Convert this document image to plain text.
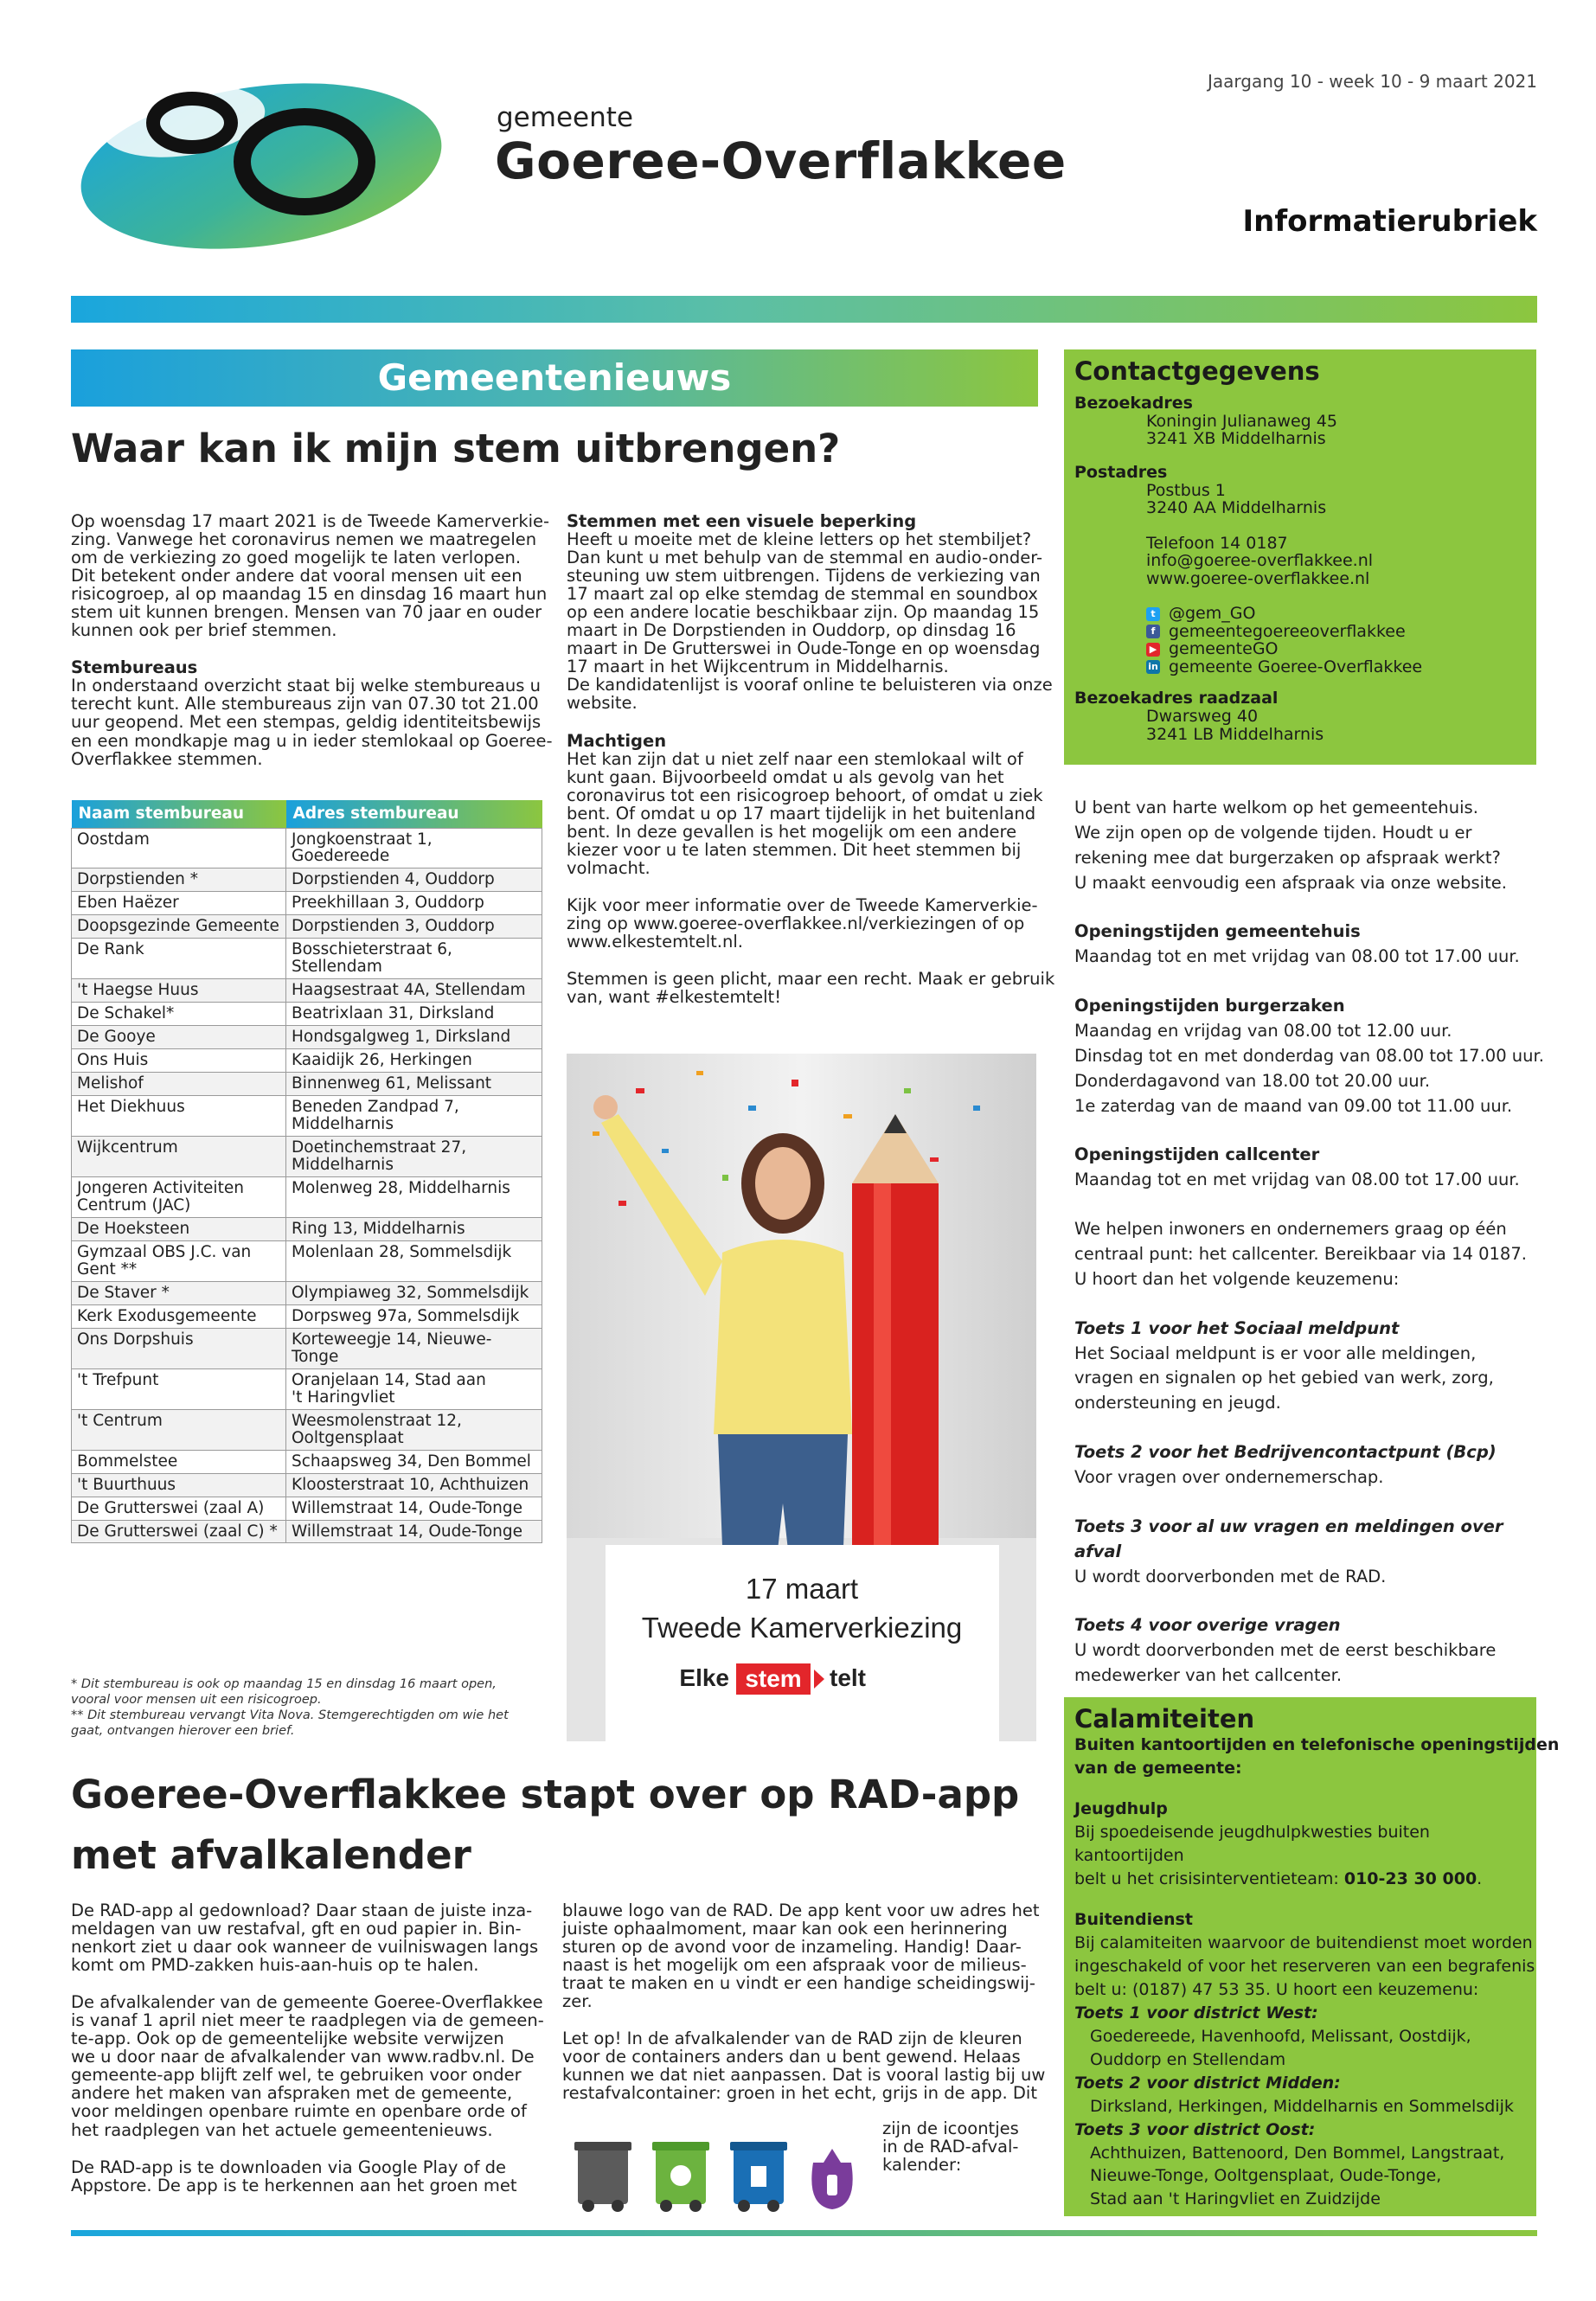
gemeente
Goeree-Overflakkee
Jaargang 10 - week 10 - 9 maart 2021
Informatierubriek
Gemeentenieuws
Waar kan ik mijn stem uitbrengen?

Op woensdag 17 maart 2021 is de Tweede Kamerverkie-
zing. Vanwege het coronavirus nemen we maatregelen
om de verkiezing zo goed mogelijk te laten verlopen.
Dit betekent onder andere dat vooral mensen uit een
risicogroep, al op maandag 15 en dinsdag 16 maart hun
stem uit kunnen brengen. Mensen van 70 jaar en ouder
kunnen ook per brief stemmen.

Stembureaus

In onderstaand overzicht staat bij welke stembureaus u
terecht kunt. Alle stembureaus zijn van 07.30 tot 21.00
uur geopend. Met een stempas, geldig identiteitsbewijs
en een mondkapje mag u in ieder stemlokaal op Goeree-
Overflakkee stemmen.

Naam stembureau	Adres stembureau
Oostdam	Jongkoenstraat 1,
Goedereede
Dorpstienden *	Dorpstienden 4, Ouddorp
Eben Haëzer	Preekhillaan 3, Ouddorp
Doopsgezinde Gemeente	Dorpstienden 3, Ouddorp
De Rank	Bosschieterstraat 6,
Stellendam
't Haegse Huus	Haagsestraat 4A, Stellendam
De Schakel*	Beatrixlaan 31, Dirksland
De Gooye	Hondsgalgweg 1, Dirksland
Ons Huis	Kaaidijk 26, Herkingen
Melishof	Binnenweg 61, Melissant
Het Diekhuus	Beneden Zandpad 7,
Middelharnis
Wijkcentrum	Doetinchemstraat 27,
Middelharnis
Jongeren Activiteiten
Centrum (JAC)	Molenweg 28, Middelharnis
De Hoeksteen	Ring 13, Middelharnis
Gymzaal OBS J.C. van
Gent **	Molenlaan 28, Sommelsdijk
De Staver *	Olympiaweg 32, Sommelsdijk
Kerk Exodusgemeente	Dorpsweg 97a, Sommelsdijk
Ons Dorpshuis	Korteweegje 14, Nieuwe-Tonge
't Trefpunt	Oranjelaan 14, Stad aan
't Haringvliet
't Centrum	Weesmolenstraat 12,
Ooltgensplaat
Bommelstee	Schaapsweg 34, Den Bommel
't Buurthuus	Kloosterstraat 10, Achthuizen
De Grutterswei (zaal A)	Willemstraat 14, Oude-Tonge
De Grutterswei (zaal C) *	Willemstraat 14, Oude-Tonge
* Dit stembureau is ook op maandag 15 en dinsdag 16 maart open,
vooral voor mensen uit een risicogroep.
** Dit stembureau vervangt Vita Nova. Stemgerechtigden om wie het
gaat, ontvangen hierover een brief.
Stemmen met een visuele beperking

Heeft u moeite met de kleine letters op het stembiljet?
Dan kunt u met behulp van de stemmal en audio-onder-
steuning uw stem uitbrengen. Tijdens de verkiezing van
17 maart zal op elke stemdag de stemmal en soundbox
op een andere locatie beschikbaar zijn. Op maandag 15
maart in De Dorpstienden in Ouddorp, op dinsdag 16
maart in De Grutterswei in Oude-Tonge en op woensdag
17 maart in het Wijkcentrum in Middelharnis.
De kandidatenlijst is vooraf online te beluisteren via onze
website.

Machtigen

Het kan zijn dat u niet zelf naar een stemlokaal wilt of
kunt gaan. Bijvoorbeeld omdat u als gevolg van het
coronavirus tot een risicogroep behoort, of omdat u ziek
bent. Of omdat u op 17 maart tijdelijk in het buitenland
bent. In deze gevallen is het mogelijk om een andere
kiezer voor u te laten stemmen. Dit heet stemmen bij
volmacht.

Kijk voor meer informatie over de Tweede Kamerverkie-
zing op www.goeree-overflakkee.nl/verkiezingen of op
www.elkestemtelt.nl.

Stemmen is geen plicht, maar een recht. Maak er gebruik
van, want #elkestemtelt!

17 maart
Tweede Kamerverkiezing
Elke stem telt
Goeree-Overflakkee stapt over op RAD-app
met afvalkalender

De RAD-app al gedownload? Daar staan de juiste inza-
meldagen van uw restafval, gft en oud papier in. Bin-
nenkort ziet u daar ook wanneer de vuilniswagen langs
komt om PMD-zakken huis-aan-huis op te halen.

De afvalkalender van de gemeente Goeree-Overflakkee
is vanaf 1 april niet meer te raadplegen via de gemeen-
te-app. Ook op de gemeentelijke website verwijzen
we u door naar de afvalkalender van www.radbv.nl. De
gemeente-app blijft zelf wel, te gebruiken voor onder
andere het maken van afspraken met de gemeente,
voor meldingen openbare ruimte en openbare orde of
het raadplegen van het actuele gemeentenieuws.

De RAD-app is te downloaden via Google Play of de
Appstore. De app is te herkennen aan het groen met

blauwe logo van de RAD. De app kent voor uw adres het
juiste ophaalmoment, maar kan ook een herinnering
sturen op de avond voor de inzameling. Handig! Daar-
naast is het mogelijk om een afspraak voor de milieus-
traat te maken en u vindt er een handige scheidingswij-
zer.

Let op! In de afvalkalender van de RAD zijn de kleuren
voor de containers anders dan u bent gewend. Helaas
kunnen we dat niet aanpassen. Dat is vooral lastig bij uw
restafvalcontainer: groen in het echt, grijs in de app. Dit

zijn de icoontjes
in de RAD-afval-
kalender:
Contactgegevens
Bezoekadres
Koningin Julianaweg 45
3241 XB Middelharnis
Postadres
Postbus 1
3240 AA Middelharnis
Telefoon 14 0187
info@goeree-overflakkee.nl
www.goeree-overflakkee.nl
t @gem_GO
f gemeentegoereeoverflakkee
▶ gemeenteGO
in gemeente Goeree-Overflakkee
Bezoekadres raadzaal
Dwarsweg 40
3241 LB Middelharnis
U bent van harte welkom op het gemeentehuis.
We zijn open op de volgende tijden. Houdt u er
rekening mee dat burgerzaken op afspraak werkt?
U maakt eenvoudig een afspraak via onze website.
Openingstijden gemeentehuis
Maandag tot en met vrijdag van 08.00 tot 17.00 uur.
Openingstijden burgerzaken
Maandag en vrijdag van 08.00 tot 12.00 uur.
Dinsdag tot en met donderdag van 08.00 tot 17.00 uur.
Donderdagavond van 18.00 tot 20.00 uur.
1e zaterdag van de maand van 09.00 tot 11.00 uur.
Openingstijden callcenter
Maandag tot en met vrijdag van 08.00 tot 17.00 uur.
We helpen inwoners en ondernemers graag op één
centraal punt: het callcenter. Bereikbaar via 14 0187.
U hoort dan het volgende keuzemenu:
Toets 1 voor het Sociaal meldpunt
Het Sociaal meldpunt is er voor alle meldingen,
vragen en signalen op het gebied van werk, zorg,
ondersteuning en jeugd.
Toets 2 voor het Bedrijvencontactpunt (Bcp)
Voor vragen over ondernemerschap.
Toets 3 voor al uw vragen en meldingen over afval
U wordt doorverbonden met de RAD.
Toets 4 voor overige vragen
U wordt doorverbonden met de eerst beschikbare
medewerker van het callcenter.
Calamiteiten
Buiten kantoortijden en telefonische openingstijden
van de gemeente:
Jeugdhulp
Bij spoedeisende jeugdhulpkwesties buiten kantoortijden
belt u het crisisinterventieteam: 010-23 30 000.
Buitendienst
Bij calamiteiten waarvoor de buitendienst moet worden
ingeschakeld of voor het reserveren van een begrafenis
belt u: (0187) 47 53 35. U hoort een keuzemenu:
Toets 1 voor district West:
Goedereede, Havenhoofd, Melissant, Oostdijk,
Ouddorp en Stellendam
Toets 2 voor district Midden:
Dirksland, Herkingen, Middelharnis en Sommelsdijk
Toets 3 voor district Oost:
Achthuizen, Battenoord, Den Bommel, Langstraat,
Nieuwe-Tonge, Ooltgensplaat, Oude-Tonge,
Stad aan 't Haringvliet en Zuidzijde
